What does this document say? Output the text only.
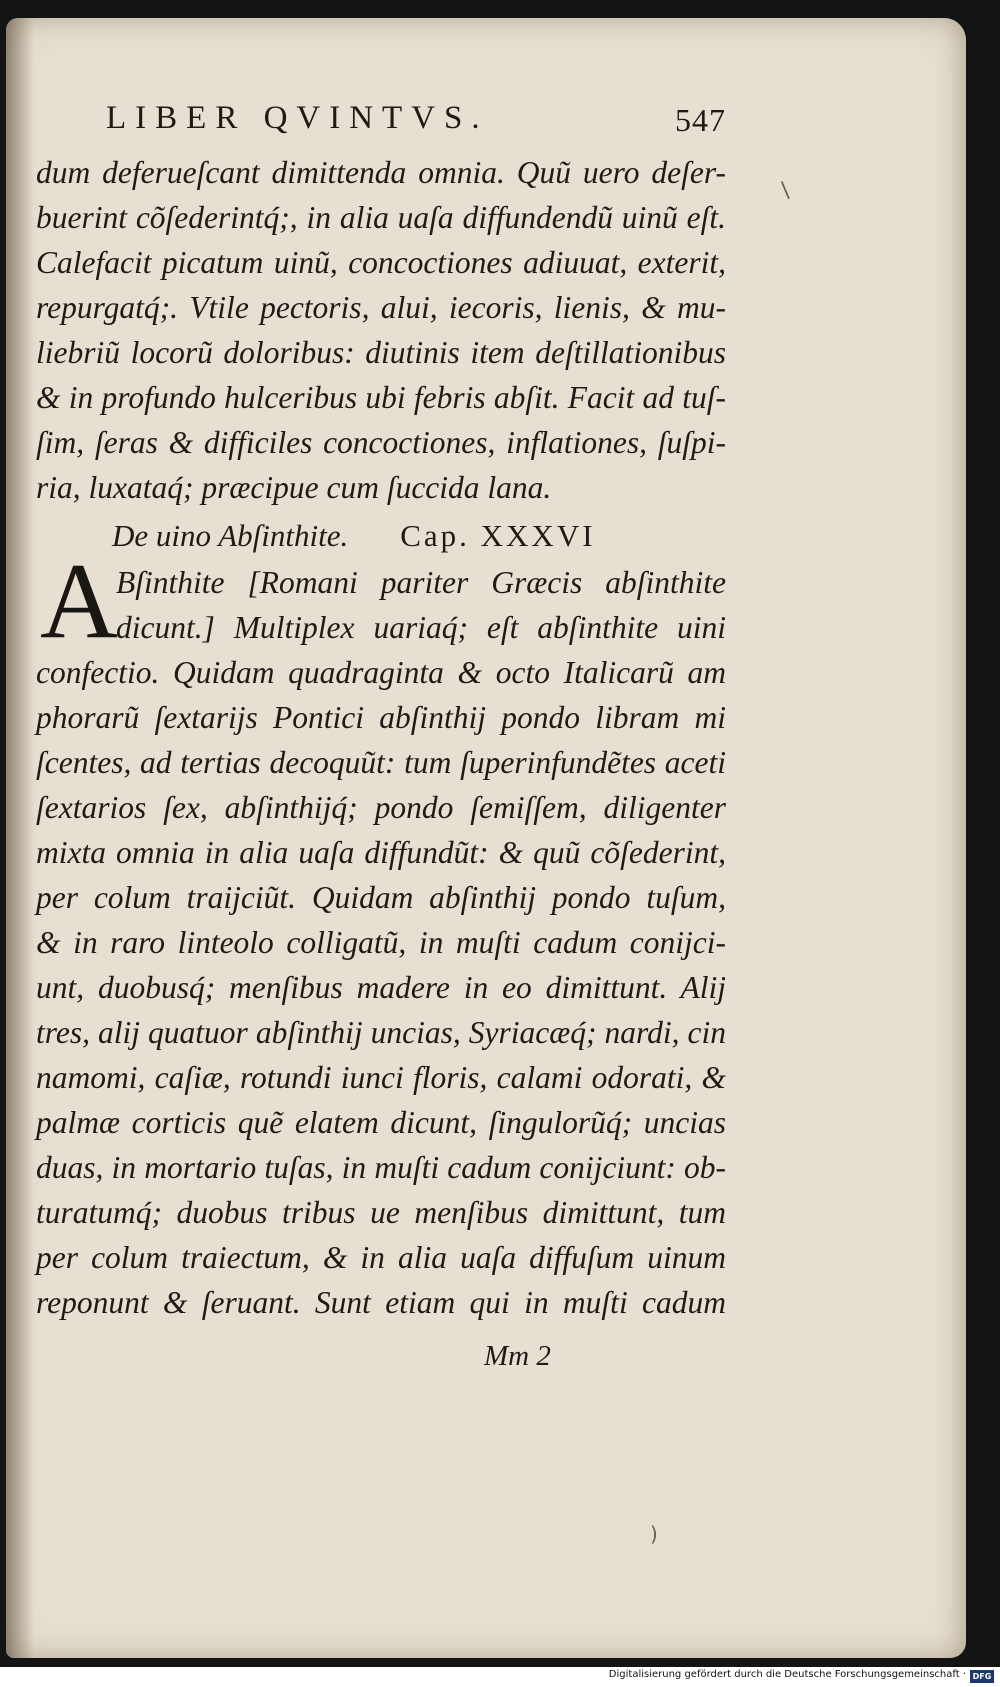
LIBER QVINTVS.	547
dum deferueſcant dimittenda omnia. Quũ uero deſer-
buerint cõſederintq́;, in alia uaſa diffundendũ uinũ eſt.
Calefacit picatum uinũ, concoctiones adiuuat, exterit,
repurgatq́;. Vtile pectoris, alui, iecoris, lienis, & mu-
liebriũ locorũ doloribus: diutinis item deſtillationibus
& in profundo hulceribus ubi febris abſit. Facit ad tuſ-
ſim, ſeras & difficiles concoctiones, inflationes, ſuſpi-
ria, luxataq́; præcipue cum ſuccida lana.
De uino Abſinthite. Cap. XXXVI
A
Bſinthite [Romani pariter Græcis abſinthite
dicunt.] Multiplex uariaq́; eſt abſinthite uini
confectio. Quidam quadraginta & octo Italicarũ am
phorarũ ſextarijs Pontici abſinthij pondo libram mi
ſcentes, ad tertias decoquũt: tum ſuperinfundẽtes aceti
ſextarios ſex, abſinthijq́; pondo ſemiſſem, diligenter
mixta omnia in alia uaſa diffundũt: & quũ cõſederint,
per colum traijciũt. Quidam abſinthij pondo tuſum,
& in raro linteolo colligatũ, in muſti cadum conijci-
unt, duobusq́; menſibus madere in eo dimittunt. Alij
tres, alij quatuor abſinthij uncias, Syriacæq́; nardi, cin
namomi, caſiæ, rotundi iunci floris, calami odorati, &
palmæ corticis quẽ elatem dicunt, ſingulorũq́; uncias
duas, in mortario tuſas, in muſti cadum conijciunt: ob-
turatumq́; duobus tribus ue menſibus dimittunt, tum
per colum traiectum, & in alia uaſa diffuſum uinum
reponunt & ſeruant. Sunt etiam qui in muſti cadum
Mm 2
/
)
Digitalisierung gefördert durch die Deutsche Forschungsgemeinschaft · DFG
